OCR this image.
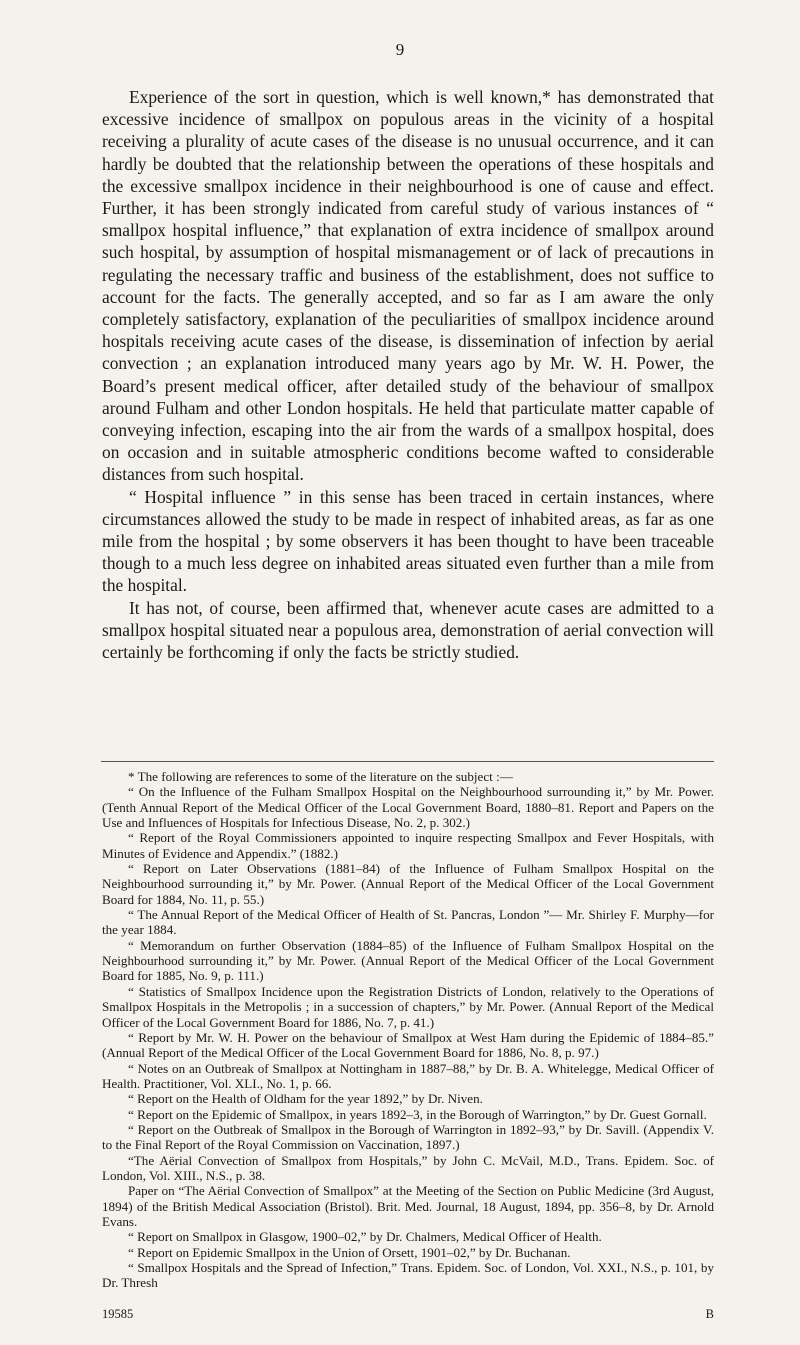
9

Experience of the sort in question, which is well known,* has demonstrated that excessive incidence of smallpox on populous areas in the vicinity of a hospital receiving a plurality of acute cases of the disease is no unusual occurrence, and it can hardly be doubted that the relationship between the operations of these hospitals and the excessive smallpox incidence in their neighbourhood is one of cause and effect. Further, it has been strongly indicated from careful study of various instances of “ smallpox hospital influence,” that explanation of extra incidence of smallpox around such hospital, by assumption of hospital mismanagement or of lack of precautions in regulating the necessary traffic and business of the establishment, does not suffice to account for the facts. The generally accepted, and so far as I am aware the only completely satisfactory, explanation of the peculiarities of smallpox incidence around hospitals receiving acute cases of the disease, is dissemination of infection by aerial convection ; an explanation introduced many years ago by Mr. W. H. Power, the Board’s present medical officer, after detailed study of the behaviour of smallpox around Fulham and other London hospitals. He held that particulate matter capable of conveying infection, escaping into the air from the wards of a smallpox hospital, does on occasion and in suitable atmospheric conditions become wafted to considerable distances from such hospital.

“ Hospital influence ” in this sense has been traced in certain instances, where circumstances allowed the study to be made in respect of inhabited areas, as far as one mile from the hospital ; by some observers it has been thought to have been traceable though to a much less degree on inhabited areas situated even further than a mile from the hospital.

It has not, of course, been affirmed that, whenever acute cases are admitted to a smallpox hospital situated near a populous area, demonstration of aerial convection will certainly be forthcoming if only the facts be strictly studied.

* The following are references to some of the literature on the subject :—

“ On the Influence of the Fulham Smallpox Hospital on the Neighbourhood surrounding it,” by Mr. Power. (Tenth Annual Report of the Medical Officer of the Local Government Board, 1880–81. Report and Papers on the Use and Influences of Hospitals for Infectious Disease, No. 2, p. 302.)

“ Report of the Royal Commissioners appointed to inquire respecting Smallpox and Fever Hospitals, with Minutes of Evidence and Appendix.” (1882.)

“ Report on Later Observations (1881–84) of the Influence of Fulham Smallpox Hospital on the Neighbourhood surrounding it,” by Mr. Power. (Annual Report of the Medical Officer of the Local Government Board for 1884, No. 11, p. 55.)

“ The Annual Report of the Medical Officer of Health of St. Pancras, London ”— Mr. Shirley F. Murphy—for the year 1884.

“ Memorandum on further Observation (1884–85) of the Influence of Fulham Smallpox Hospital on the Neighbourhood surrounding it,” by Mr. Power. (Annual Report of the Medical Officer of the Local Government Board for 1885, No. 9, p. 111.)

“ Statistics of Smallpox Incidence upon the Registration Districts of London, relatively to the Operations of Smallpox Hospitals in the Metropolis ; in a succession of chapters,” by Mr. Power. (Annual Report of the Medical Officer of the Local Government Board for 1886, No. 7, p. 41.)

“ Report by Mr. W. H. Power on the behaviour of Smallpox at West Ham during the Epidemic of 1884–85.” (Annual Report of the Medical Officer of the Local Government Board for 1886, No. 8, p. 97.)

“ Notes on an Outbreak of Smallpox at Nottingham in 1887–88,” by Dr. B. A. Whitelegge, Medical Officer of Health. Practitioner, Vol. XLI., No. 1, p. 66.

“ Report on the Health of Oldham for the year 1892,” by Dr. Niven.

“ Report on the Epidemic of Smallpox, in years 1892–3, in the Borough of Warrington,” by Dr. Guest Gornall.

“ Report on the Outbreak of Smallpox in the Borough of Warrington in 1892–93,” by Dr. Savill. (Appendix V. to the Final Report of the Royal Commission on Vaccination, 1897.)

“The Aërial Convection of Smallpox from Hospitals,” by John C. McVail, M.D., Trans. Epidem. Soc. of London, Vol. XIII., N.S., p. 38.

Paper on “The Aërial Convection of Smallpox” at the Meeting of the Section on Public Medicine (3rd August, 1894) of the British Medical Association (Bristol). Brit. Med. Journal, 18 August, 1894, pp. 356–8, by Dr. Arnold Evans.

“ Report on Smallpox in Glasgow, 1900–02,” by Dr. Chalmers, Medical Officer of Health.

“ Report on Epidemic Smallpox in the Union of Orsett, 1901–02,” by Dr. Buchanan.

“ Smallpox Hospitals and the Spread of Infection,” Trans. Epidem. Soc. of London, Vol. XXI., N.S., p. 101, by Dr. Thresh

19585	B
